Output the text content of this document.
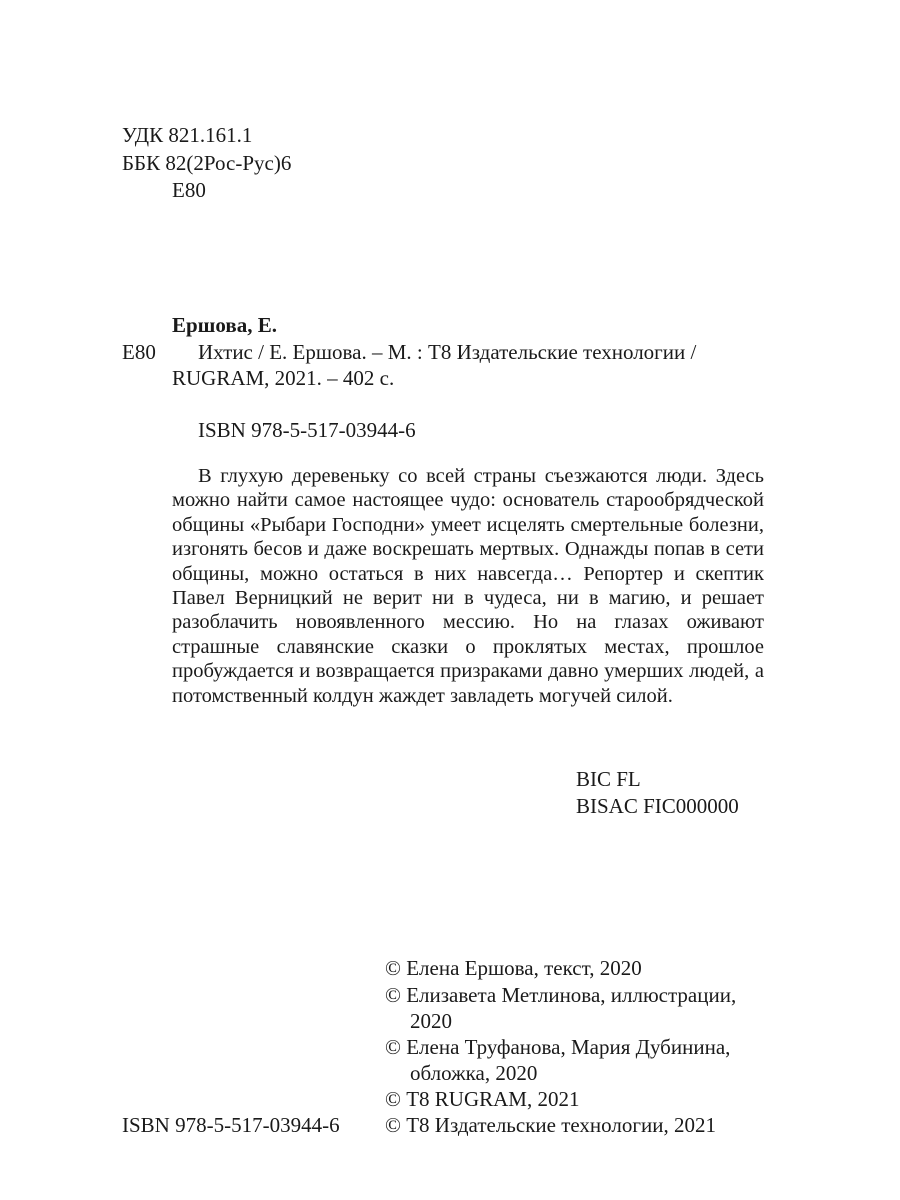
УДК 821.161.1
ББК 82(2Рос-Рус)6
Е80
Ершова, Е.
Е80 Ихтис / Е. Ершова. – М. : Т8 Издательские технологии /
RUGRAM, 2021. – 402 с.
ISBN 978-5-517-03944-6
В глухую деревеньку со всей страны съезжаются люди. Здесь можно найти самое настоящее чудо: основатель старообрядческой общины «Рыбари Господни» умеет исцелять смертельные болезни, изгонять бесов и даже воскрешать мертвых. Однажды попав в сети общины, можно остаться в них навсегда… Репортер и скептик Павел Верницкий не верит ни в чудеса, ни в магию, и решает разоблачить новоявленного мессию. Но на глазах оживают страшные славянские сказки о проклятых местах, прошлое пробуждается и возвращается призраками давно умерших людей, а потомственный колдун жаждет завладеть могучей силой.
BIC FL
BISAC FIC000000
© Елена Ершова, текст, 2020
© Елизавета Метлинова, иллюстрации,
2020
© Елена Труфанова, Мария Дубинина,
обложка, 2020
© Т8 RUGRAM, 2021
© Т8 Издательские технологии, 2021
ISBN 978-5-517-03944-6
